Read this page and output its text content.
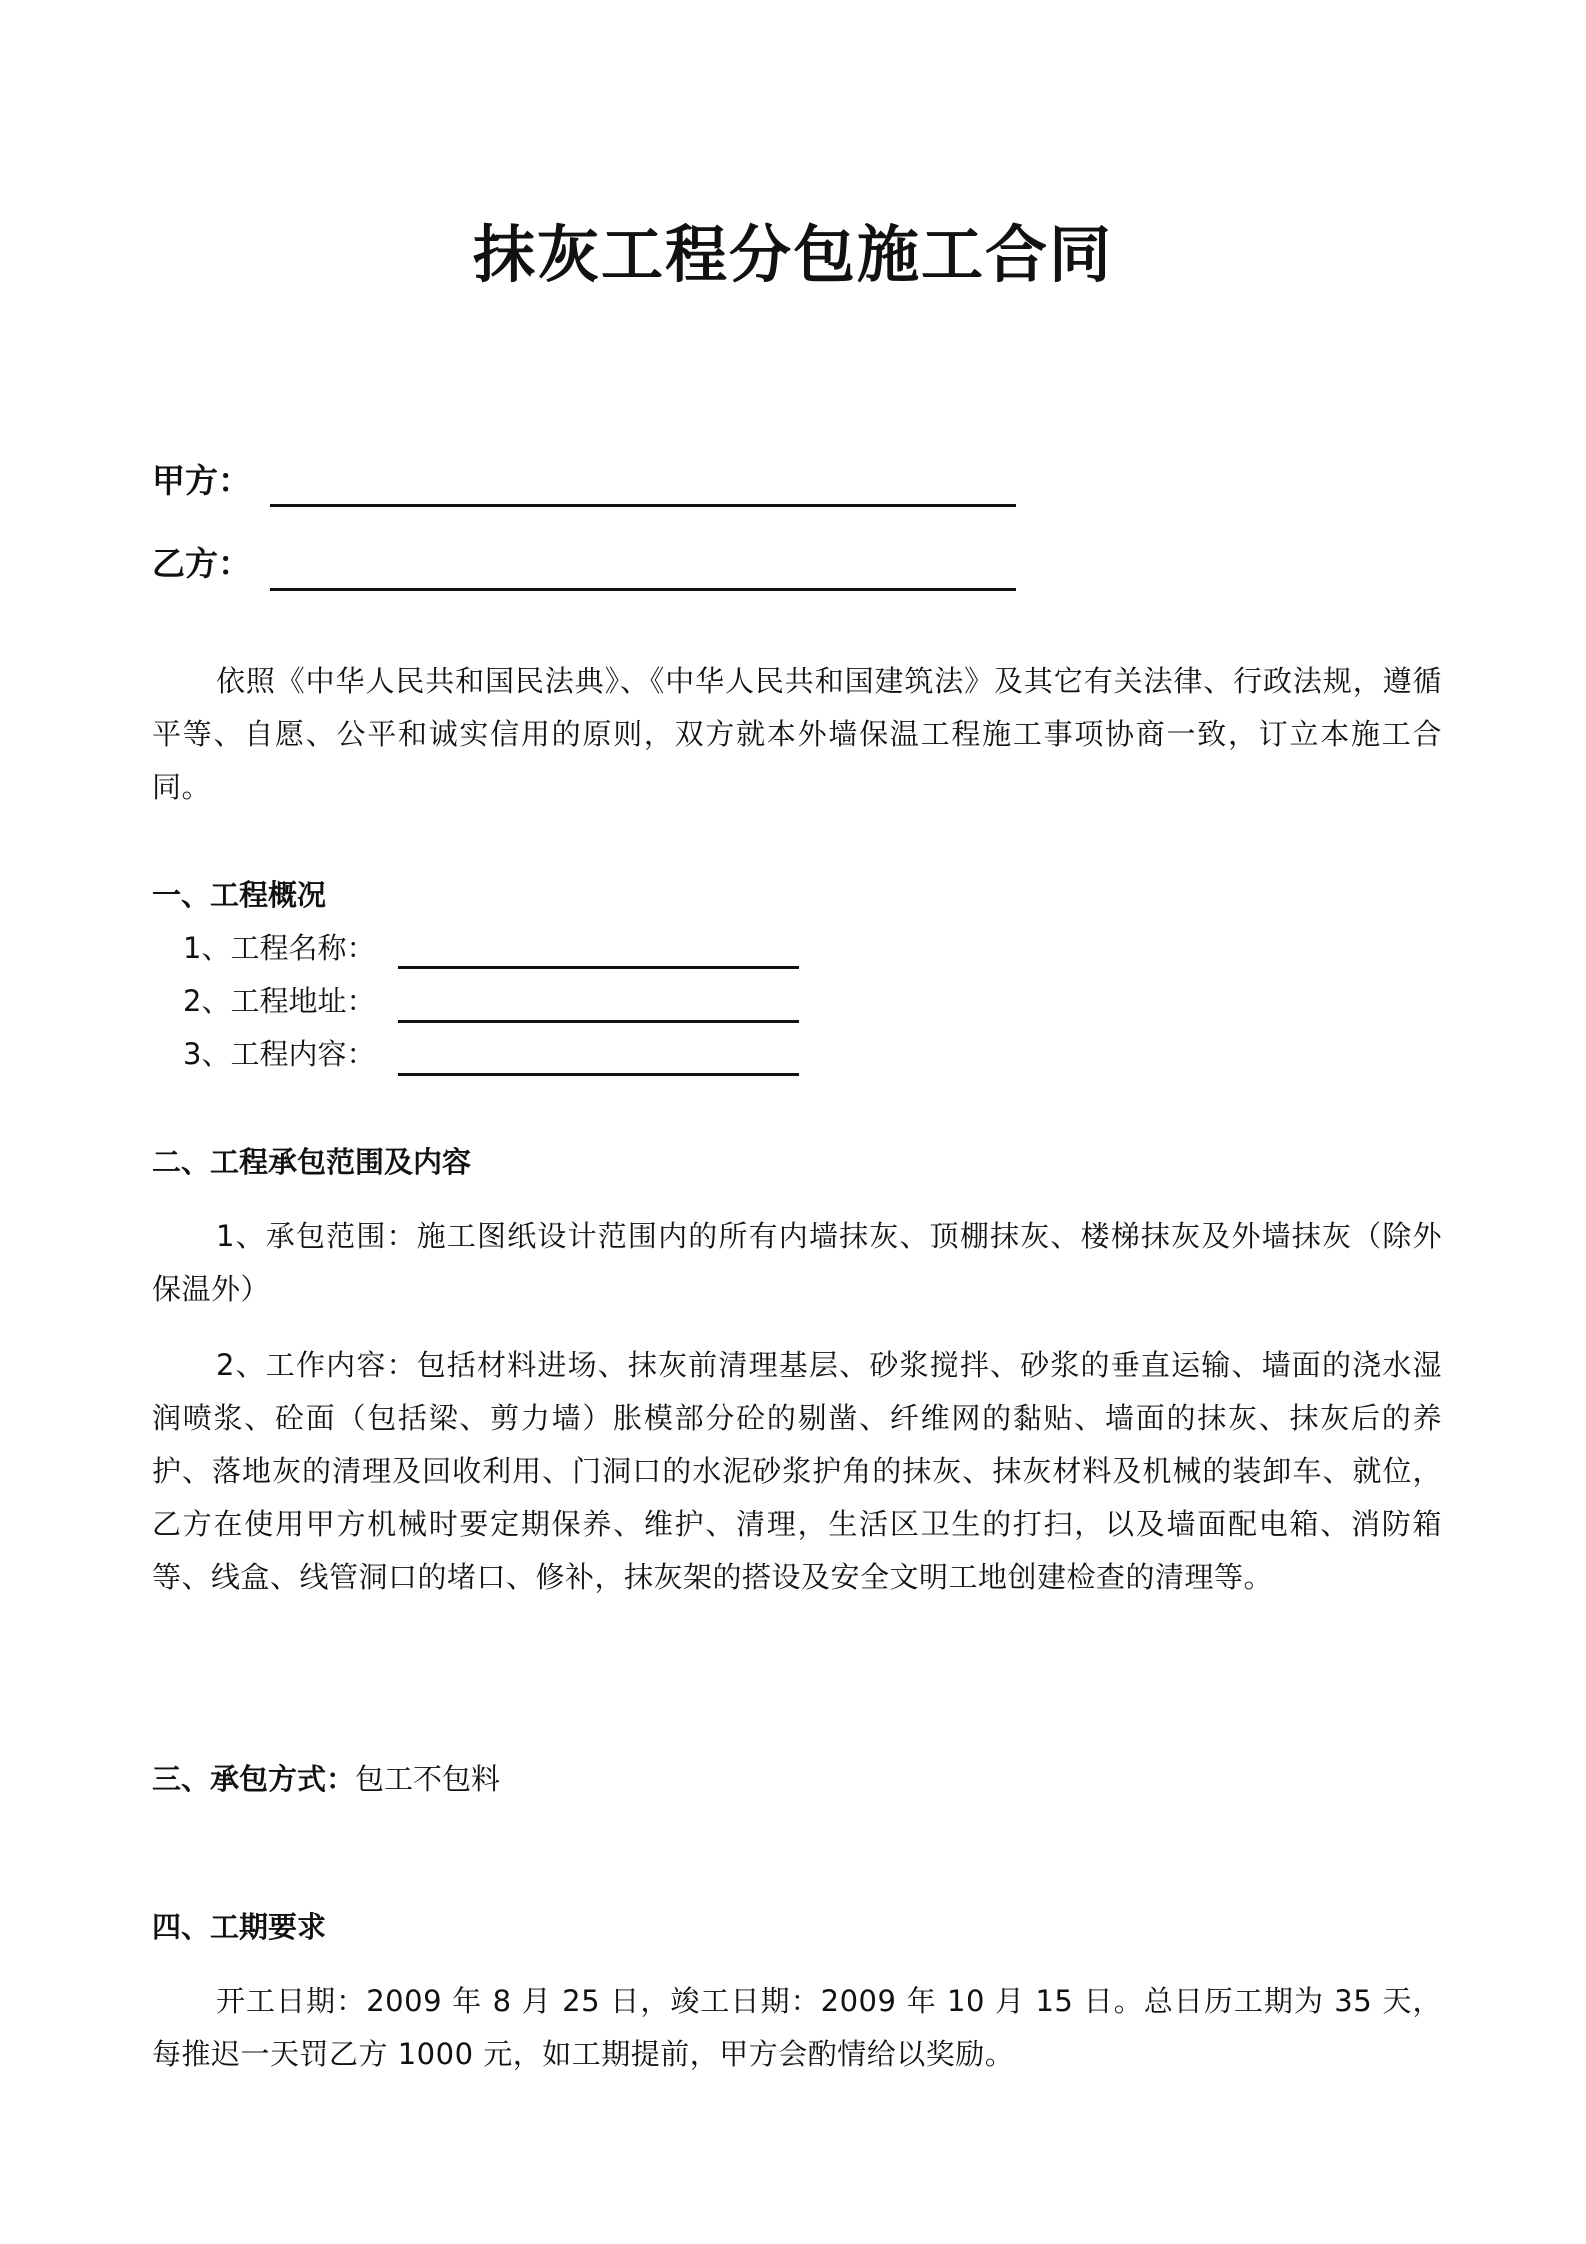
抹灰工程分包施工合同
甲方：
乙方：
依照《中华人民共和国民法典》、《中华人民共和国建筑法》及其它有关法律、行政法规，遵循平等、自愿、公平和诚实信用的原则，双方就本外墙保温工程施工事项协商一致，订立本施工合同。
一、工程概况
1、工程名称：
2、工程地址：
3、工程内容：
二、工程承包范围及内容
1、承包范围：施工图纸设计范围内的所有内墙抹灰、顶棚抹灰、楼梯抹灰及外墙抹灰（除外保温外）
2、工作内容：包括材料进场、抹灰前清理基层、砂浆搅拌、砂浆的垂直运输、墙面的浇水湿润喷浆、砼面（包括梁、剪力墙）胀模部分砼的剔凿、纤维网的黏贴、墙面的抹灰、抹灰后的养护、落地灰的清理及回收利用、门洞口的水泥砂浆护角的抹灰、抹灰材料及机械的装卸车、就位，乙方在使用甲方机械时要定期保养、维护、清理，生活区卫生的打扫，以及墙面配电箱、消防箱等、线盒、线管洞口的堵口、修补，抹灰架的搭设及安全文明工地创建检查的清理等。
三、承包方式：包工不包料
四、工期要求
开工日期：2009 年 8 月 25 日，竣工日期：2009 年 10 月 15 日。总日历工期为 35 天，每推迟一天罚乙方 1000 元，如工期提前，甲方会酌情给以奖励。
